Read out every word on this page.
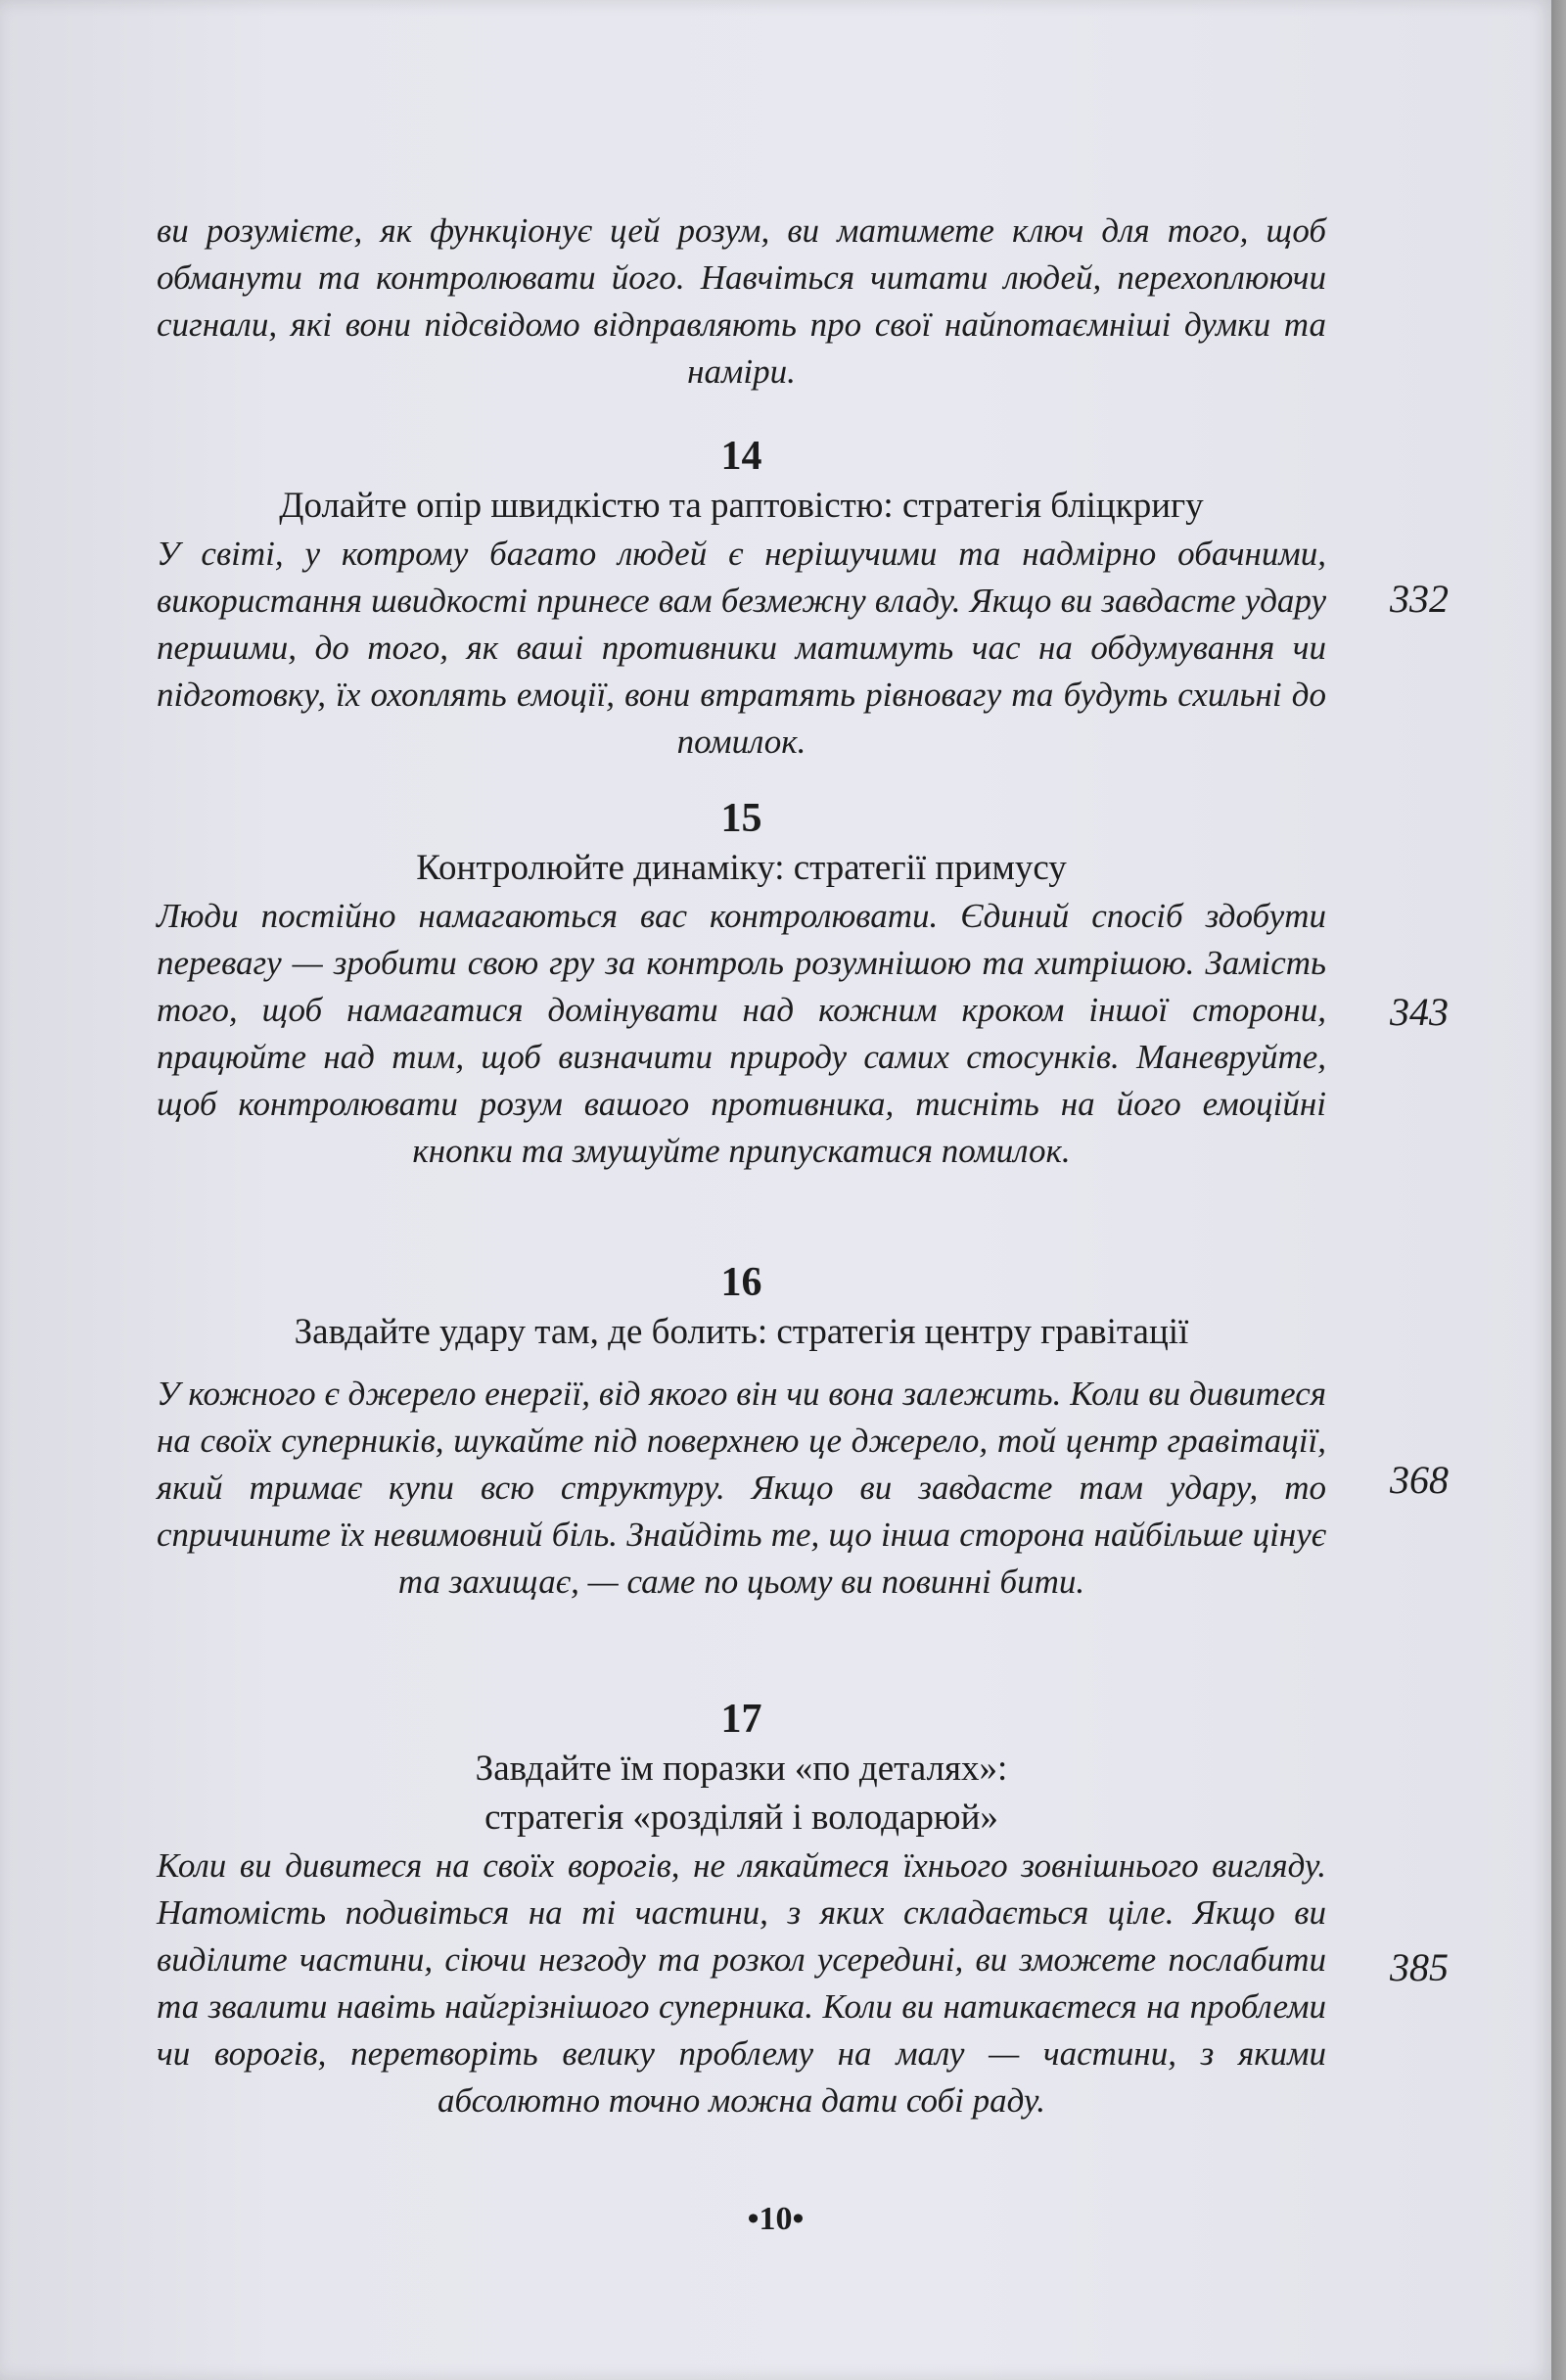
ви розумієте, як функціонує цей розум, ви матимете ключ для того, щоб обманути та контролювати його. Навчіться читати людей, перехоплюючи сигнали, які вони підсвідомо відправляють про свої найпотаємніші думки та наміри.

14

Долайте опір швидкістю та раптовістю: стратегія бліцкригу

У світі, у котрому багато людей є нерішучими та надмірно обачними, використання швидкості принесе вам безмежну владу. Якщо ви завдасте удару першими, до того, як ваші противники матимуть час на обдумування чи підготовку, їх охоплять емоції, вони втратять рівновагу та будуть схильні до помилок.

332

15

Контролюйте динаміку: стратегії примусу

Люди постійно намагаються вас контролювати. Єдиний спосіб здобути перевагу — зробити свою гру за контроль розумнішою та хитрішою. Замість того, щоб намагатися домінувати над кожним кроком іншої сторони, працюйте над тим, щоб визначити природу самих стосунків. Маневруйте, щоб контролювати розум вашого противника, тисніть на його емоційні кнопки та змушуйте припускатися помилок.

343

16

Завдайте удару там, де болить: стратегія центру гравітації

У кожного є джерело енергії, від якого він чи вона залежить. Коли ви дивитеся на своїх суперників, шукайте під поверхнею це джерело, той центр гравітації, який тримає купи всю структуру. Якщо ви завдасте там удару, то спричините їх невимовний біль. Знайдіть те, що інша сторона найбільше цінує та захищає, — саме по цьому ви повинні бити.

368

17

Завдайте їм поразки «по деталях»:

стратегія «розділяй і володарюй»

Коли ви дивитеся на своїх ворогів, не лякайтеся їхнього зовнішнього вигляду. Натомість подивіться на ті частини, з яких складається ціле. Якщо ви виділите частини, сіючи незгоду та розкол усередині, ви зможете послабити та звалити навіть найгрізнішого суперника. Коли ви натикаєтеся на проблеми чи ворогів, перетворіть велику проблему на малу — частини, з якими абсолютно точно можна дати собі раду.

385
•10•
